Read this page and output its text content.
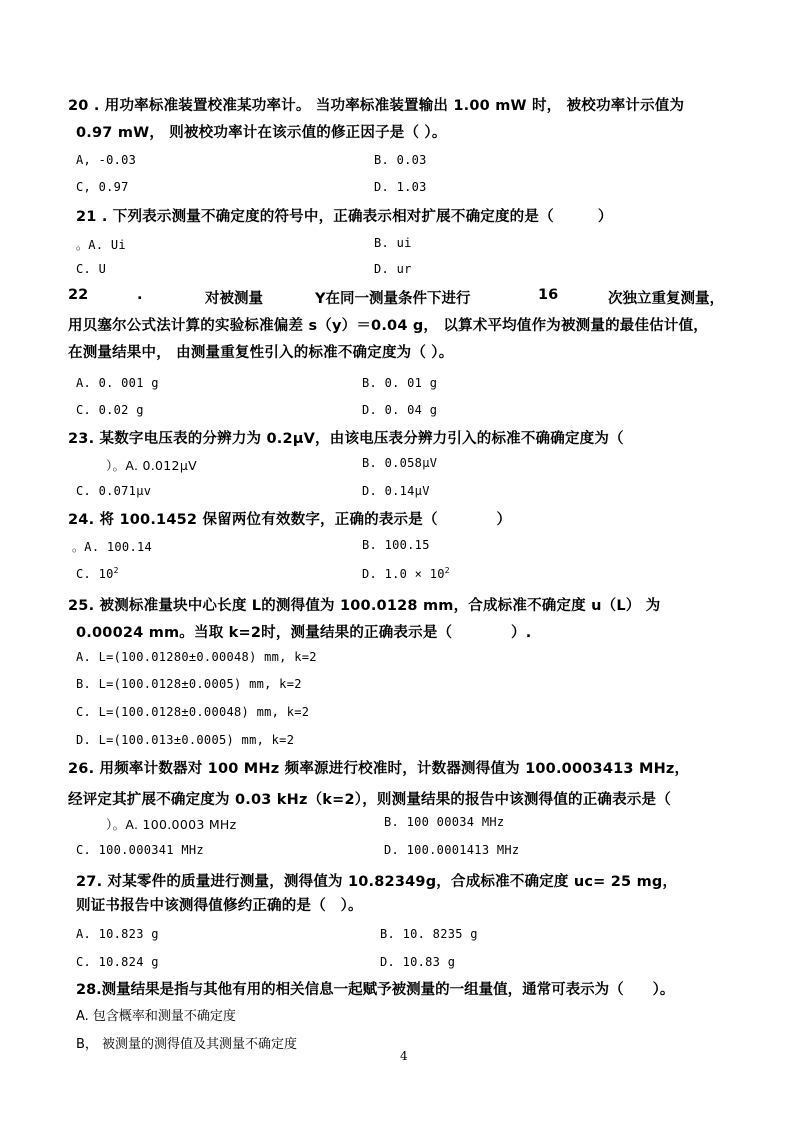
20 . 用功率标准装置校准某功率计。 当功率标准装置输出 1.00 mW 时， 被校功率计示值为
0.97 mW， 则被校功率计在该示值的修正因子是（ ）。
A, -0.03	B. 0.03
C, 0.97	D. 1.03
21 . 下列表示测量不确定度的符号中，正确表示相对扩展不确定度的是（　　　）
。A. Ui	B. ui
C. U	D. ur
22	.	对被测量	Y在同一测量条件下进行	16	次独立重复测量，
用贝塞尔公式法计算的实验标准偏差 s（y）＝0.04 g， 以算术平均值作为被测量的最佳估计值，
在测量结果中， 由测量重复性引入的标准不确定度为（ ）。
A. 0. 001 g	B. 0. 01 g
C. 0.02 g	D. 0. 04 g
23. 某数字电压表的分辨力为 0.2μV，由该电压表分辨力引入的标准不确确定度为（
）。A. 0.012μV	B. 0.058μV
C. 0.071μv	D. 0.14μV
24. 将 100.1452 保留两位有效数字，正确的表示是（　　　　）
。A. 100.14	B. 100.15
C. $10^2$	D. $1.0 \times 10^2$
25. 被测标准量块中心长度 L的测得值为 100.0128 mm，合成标准不确定度 u（L） 为
0.00024 mm。当取 k=2时，测量结果的正确表示是（　　　　）.
A. L=(100.01280±0.00048) mm, k=2
B. L=(100.0128±0.0005) mm, k=2
C. L=(100.0128±0.00048) mm, k=2
D. L=(100.013±0.0005) mm, k=2
26. 用频率计数器对 100 MHz 频率源进行校准时，计数器测得值为 100.0003413 MHz，
经评定其扩展不确定度为 0.03 kHz（k=2），则测量结果的报告中该测得值的正确表示是（
）。A. 100.0003 MHz	B. 100 00034 MHz
C. 100.000341 MHz	D. 100.0001413 MHz
27. 对某零件的质量进行测量，测得值为 10.82349g，合成标准不确定度 uc= 25 mg，
则证书报告中该测得值修约正确的是（　）。
A. 10.823 g	B. 10. 8235 g
C. 10.824 g	D. 10.83 g
28.测量结果是指与其他有用的相关信息一起赋予被测量的一组量值，通常可表示为（　　）。
A. 包含概率和测量不确定度
B， 被测量的测得值及其测量不确定度
4
